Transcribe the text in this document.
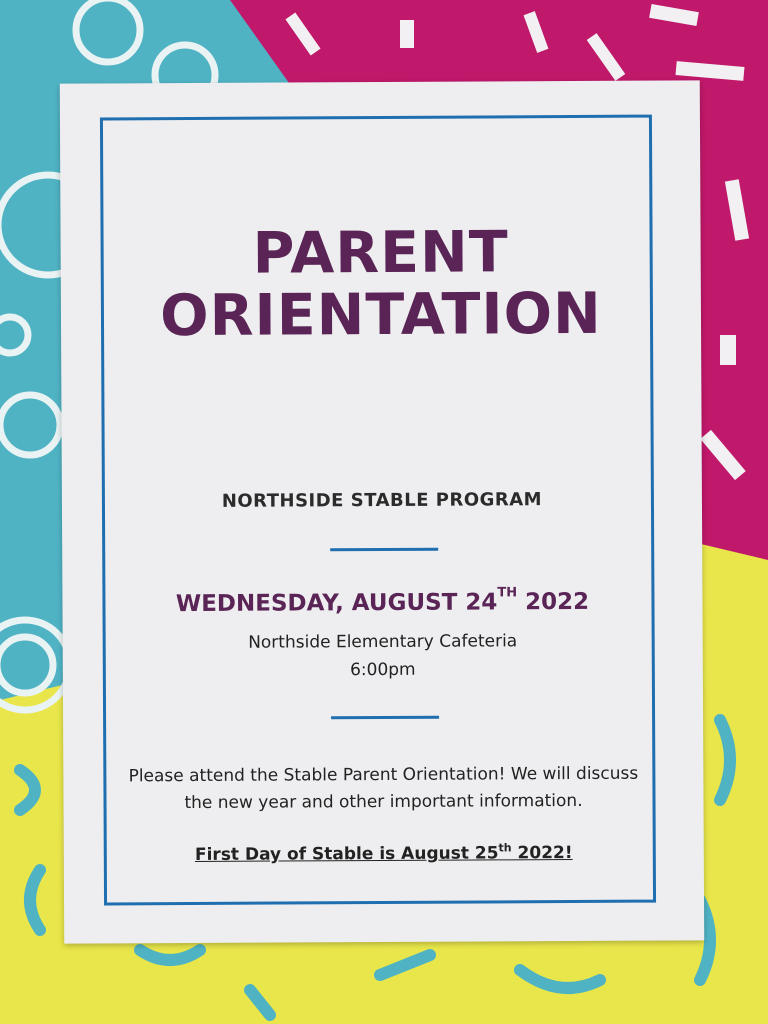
PARENT
ORIENTATION
NORTHSIDE STABLE PROGRAM
WEDNESDAY, AUGUST 24TH 2022
Northside Elementary Cafeteria
6:00pm
Please attend the Stable Parent Orientation! We will discuss
the new year and other important information.
First Day of Stable is August 25th 2022!
